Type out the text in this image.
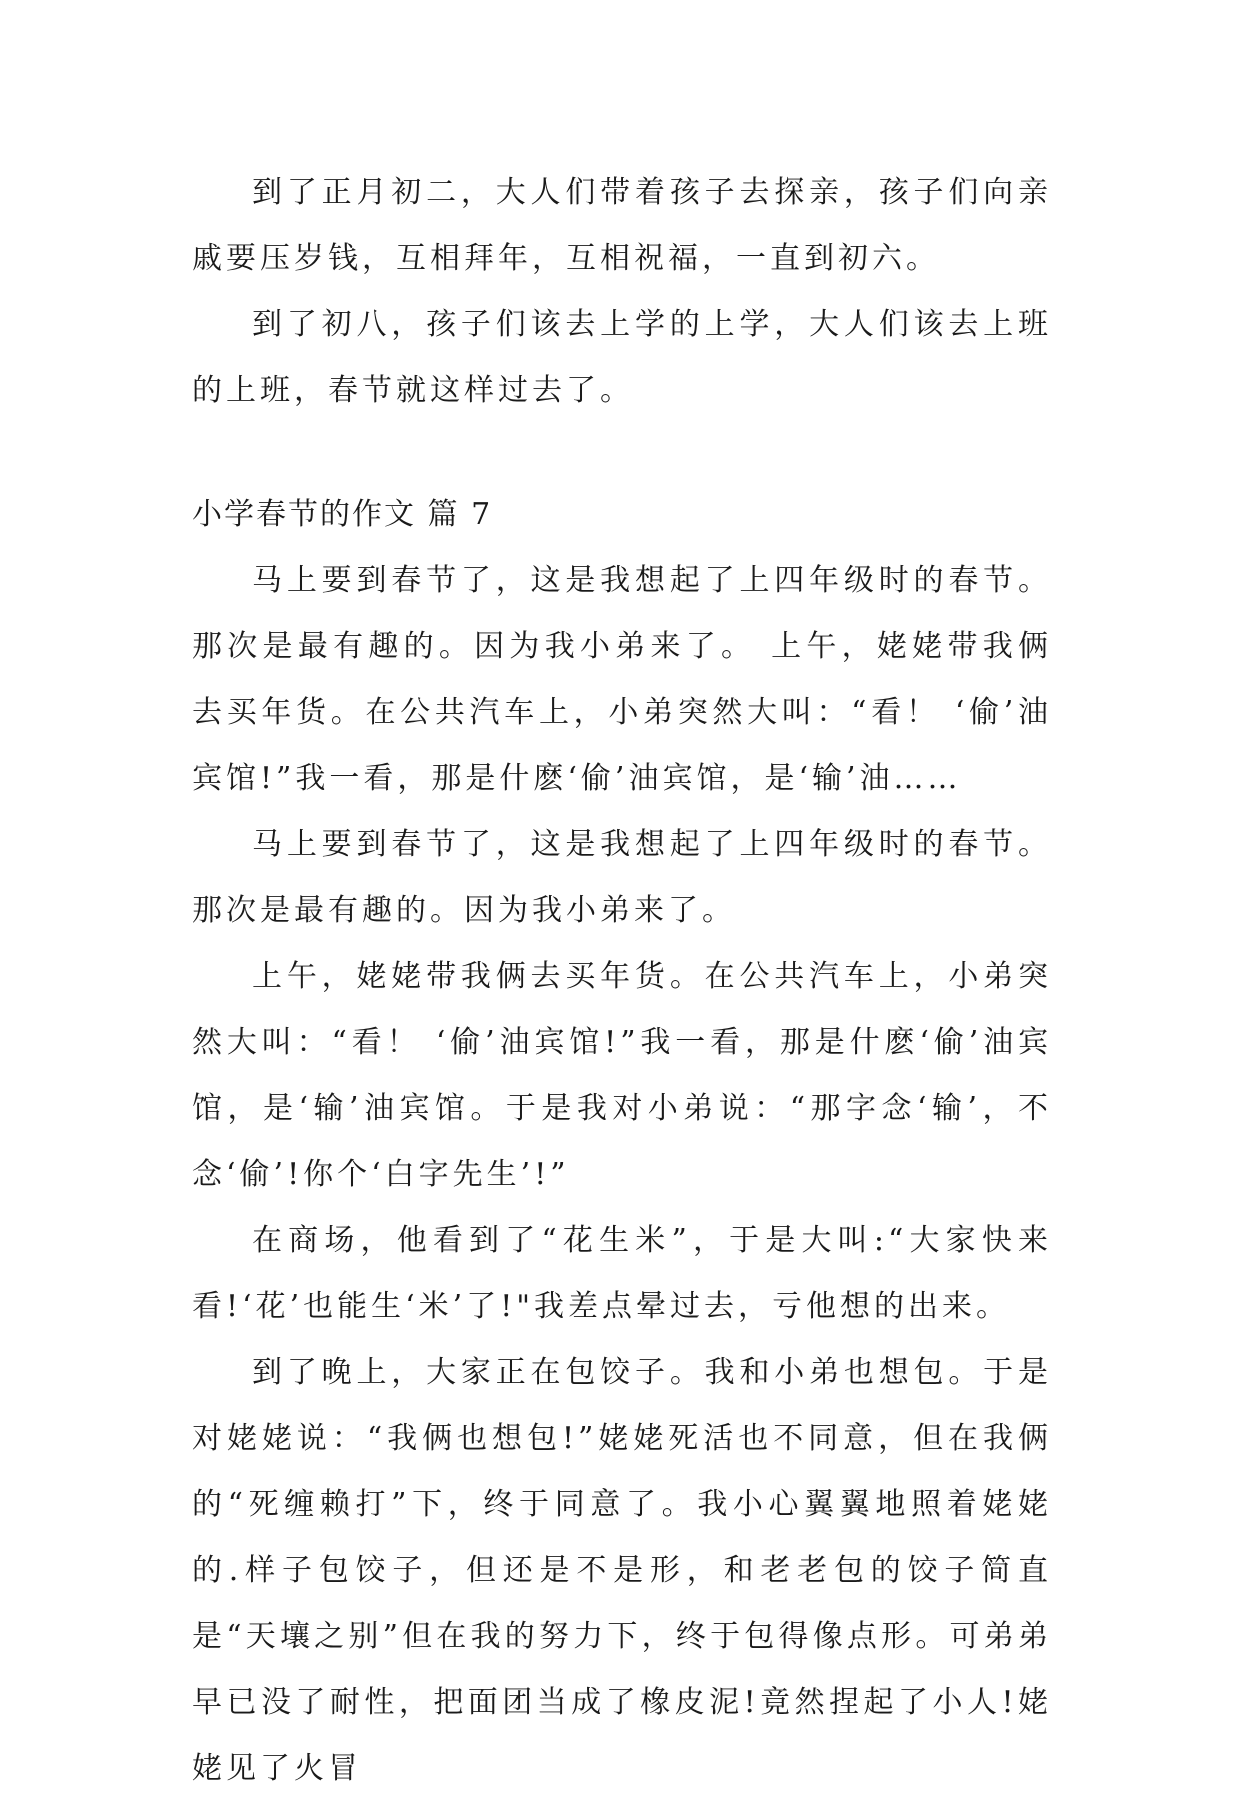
到了正月初二，大人们带着孩子去探亲，孩子们向亲戚要压岁钱，互相拜年，互相祝福，一直到初六。

到了初八，孩子们该去上学的上学，大人们该去上班的上班，春节就这样过去了。

小学春节的作文 篇 7

马上要到春节了，这是我想起了上四年级时的春节。那次是最有趣的。因为我小弟来了。 上午，姥姥带我俩去买年货。在公共汽车上，小弟突然大叫：“看！ ‘偷’油宾馆!”我一看，那是什麽‘偷’油宾馆，是‘输’油……

马上要到春节了，这是我想起了上四年级时的春节。那次是最有趣的。因为我小弟来了。

上午，姥姥带我俩去买年货。在公共汽车上，小弟突然大叫：“看！ ‘偷’油宾馆!”我一看，那是什麽‘偷’油宾馆，是‘输’油宾馆。于是我对小弟说：“那字念‘输’，不念‘偷’!你个‘白字先生’!”

在商场，他看到了“花生米”，于是大叫:“大家快来看!‘花’也能生‘米’了!"我差点晕过去，亏他想的出来。

到了晚上，大家正在包饺子。我和小弟也想包。于是对姥姥说：“我俩也想包!”姥姥死活也不同意，但在我俩的“死缠赖打”下，终于同意了。我小心翼翼地照着姥姥的.样子包饺子，但还是不是形，和老老包的饺子简直是“天壤之别”但在我的努力下，终于包得像点形。可弟弟早已没了耐性，把面团当成了橡皮泥!竟然捏起了小人!姥姥见了火冒
